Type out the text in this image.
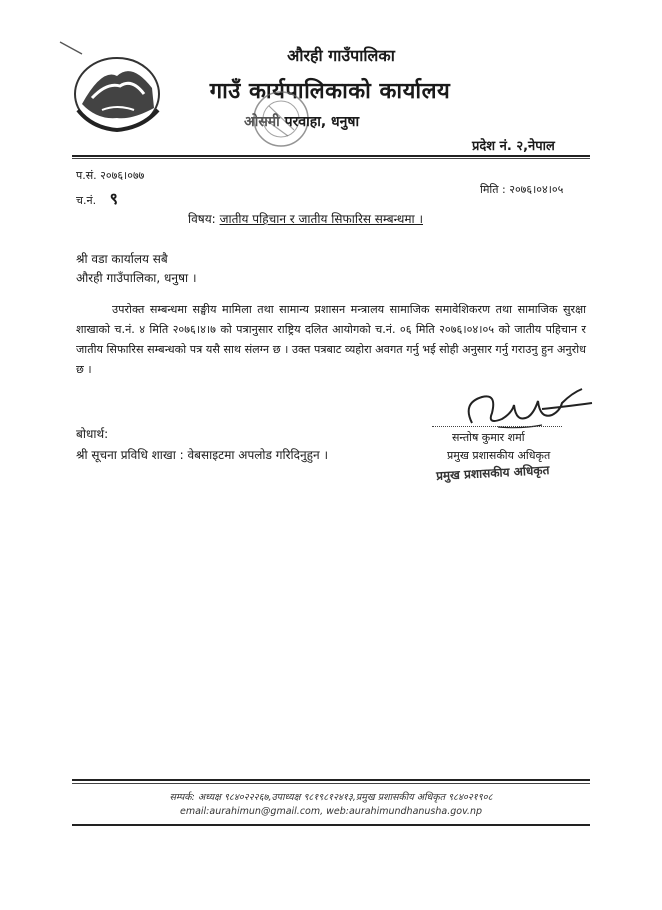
औरही गाउँपालिका
गाउँ कार्यपालिकाको कार्यालय
ओसमी परवाहा, धनुषा
प्रदेश नं. २,नेपाल
प.सं. २०७६।०७७
च.नं. ९	मिति : २०७६।०४।०५
विषय: जातीय पहिचान र जातीय सिफारिस सम्बन्धमा ।
श्री वडा कार्यालय सबै
औरही गाउँपालिका, धनुषा ।
उपरोक्त सम्बन्धमा सङ्घीय मामिला तथा सामान्य प्रशासन मन्त्रालय सामाजिक समावेशिकरण तथा सामाजिक सुरक्षा शाखाको च.नं. ४ मिति २०७६।४।७ को पत्रानुसार राष्ट्रिय दलित आयोगको च.नं. ०६ मिति २०७६।०४।०५ को जातीय पहिचान र जातीय सिफारिस सम्बन्धको पत्र यसै साथ संलग्न छ । उक्त पत्रबाट व्यहोरा अवगत गर्नु भई सोही अनुसार गर्नु गराउनु हुन अनुरोध छ ।
सन्तोष कुमार शर्मा
प्रमुख प्रशासकीय अधिकृत
प्रमुख प्रशासकीय अधिकृत
बोधार्थ:
श्री सूचना प्रविधि शाखा : वेबसाइटमा अपलोड गरिदिनुहुन ।
सम्पर्क: अध्यक्ष ९८४०२२२६७,उपाध्यक्ष ९८१९८१२४१३,प्रमुख प्रशासकीय अधिकृत ९८४०२१९०८
email:aurahimun@gmail.com, web:aurahimundhanusha.gov.np
